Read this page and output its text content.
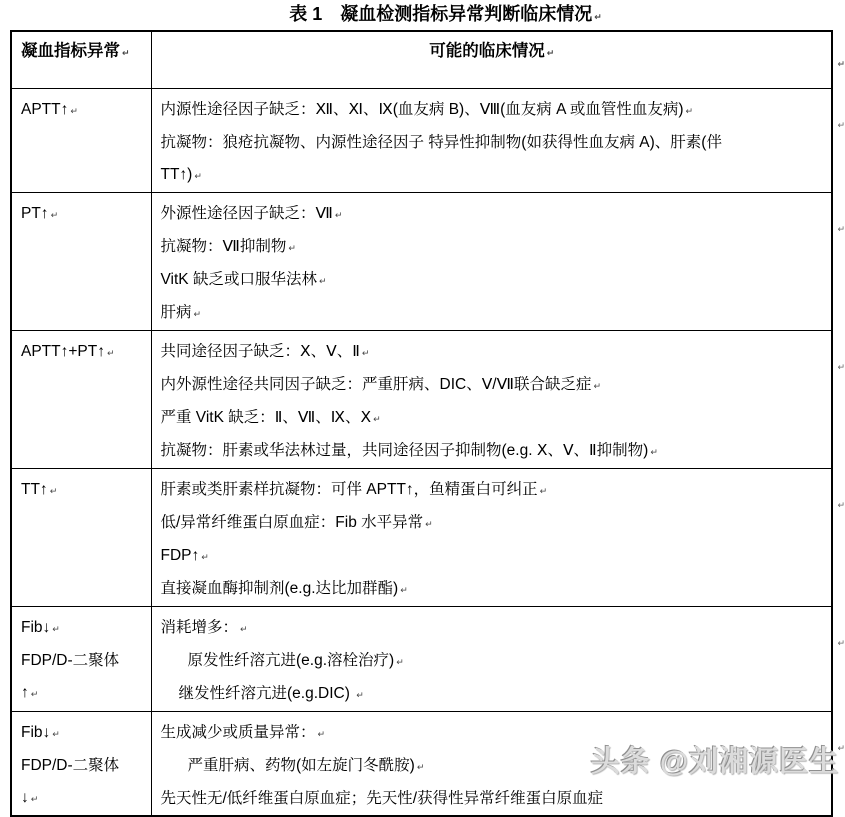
表 1　凝血检测指标异常判断临床情况 ↵
凝血指标异常 ↵	可能的临床情况 ↵
↵

APTT↑ ↵	内源性途径因子缺乏：Ⅻ、Ⅺ、Ⅸ(血友病 B)、Ⅷ(血友病 A 或血管性血友病) ↵
抗凝物：狼疮抗凝物、内源性途径因子 特异性抑制物(如获得性血友病 A)、肝素(伴
TT↑) ↵
↵

PT↑ ↵	外源性途径因子缺乏：Ⅶ ↵
抗凝物：Ⅶ抑制物 ↵
VitK 缺乏或口服华法林 ↵
肝病 ↵
↵

APTT↑+PT↑ ↵	共同途径因子缺乏：Ⅹ、Ⅴ、Ⅱ ↵
内外源性途径共同因子缺乏：严重肝病、DIC、Ⅴ/Ⅶ联合缺乏症 ↵
严重 VitK 缺乏：Ⅱ、Ⅶ、Ⅸ、Ⅹ ↵
抗凝物：肝素或华法林过量，共同途径因子抑制物(e.g. Ⅹ、Ⅴ、Ⅱ抑制物) ↵
↵

TT↑ ↵	肝素或类肝素样抗凝物：可伴 APTT↑，鱼精蛋白可纠正 ↵
低/异常纤维蛋白原血症：Fib 水平异常 ↵
FDP↑ ↵
直接凝血酶抑制剂(e.g.达比加群酯) ↵
↵

Fib↓ ↵
FDP/D-二聚体
↑ ↵

消耗增多： ↵
原发性纤溶亢进(e.g.溶栓治疗) ↵
继发性纤溶亢进(e.g.DIC) ↵
↵

Fib↓ ↵
FDP/D-二聚体
↓ ↵

生成减少或质量异常： ↵
严重肝病、药物(如左旋门冬酰胺) ↵
先天性无/低纤维蛋白原血症；先天性/获得性异常纤维蛋白原血症
↵
头条 @刘湘源医生
